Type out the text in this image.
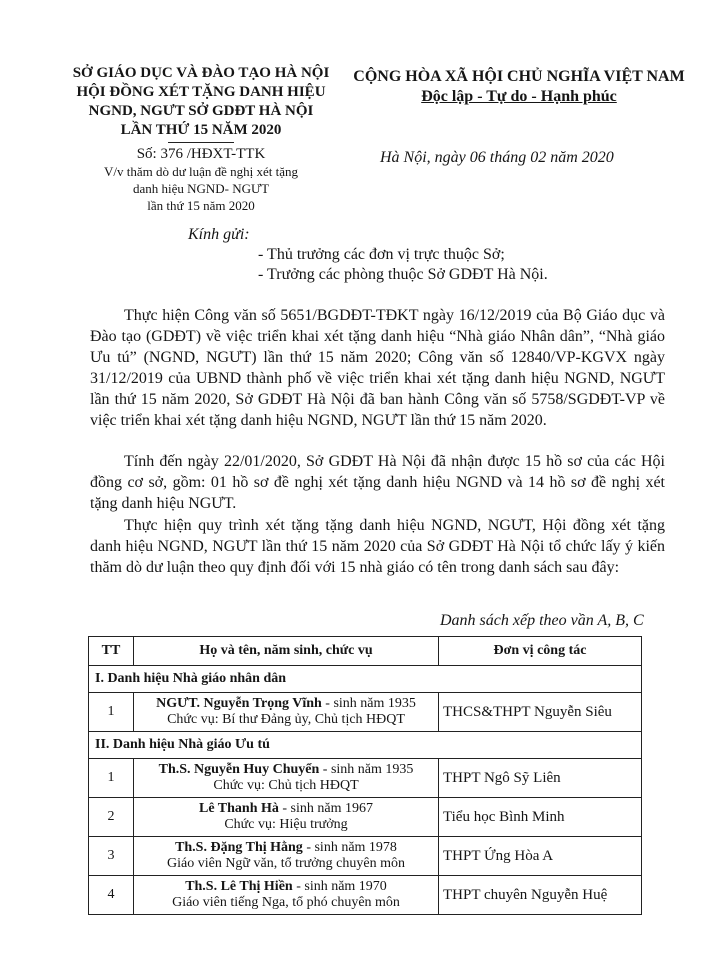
SỞ GIÁO DỤC VÀ ĐÀO TẠO HÀ NỘI
HỘI ĐỒNG XÉT TẶNG DANH HIỆU
NGND, NGƯT SỞ GDĐT HÀ NỘI
LẦN THỨ 15 NĂM 2020
CỘNG HÒA XÃ HỘI CHỦ NGHĨA VIỆT NAM
Độc lập - Tự do - Hạnh phúc
Số: 376 /HĐXT-TTK
V/v thăm dò dư luận đề nghị xét tặng
danh hiệu NGND- NGƯT
lần thứ 15 năm 2020
Hà Nội, ngày 06 tháng 02 năm 2020
Kính gửi:
- Thủ trưởng các đơn vị trực thuộc Sở;
- Trưởng các phòng thuộc Sở GDĐT Hà Nội.
Thực hiện Công văn số 5651/BGDĐT-TĐKT ngày 16/12/2019 của Bộ Giáo dục và Đào tạo (GDĐT) về việc triển khai xét tặng danh hiệu “Nhà giáo Nhân dân”, “Nhà giáo Ưu tú” (NGND, NGƯT) lần thứ 15 năm 2020; Công văn số 12840/VP-KGVX ngày 31/12/2019 của UBND thành phố về việc triển khai xét tặng danh hiệu NGND, NGƯT lần thứ 15 năm 2020, Sở GDĐT Hà Nội đã ban hành Công văn số 5758/SGDĐT-VP về việc triển khai xét tặng danh hiệu NGND, NGƯT lần thứ 15 năm 2020.
Tính đến ngày 22/01/2020, Sở GDĐT Hà Nội đã nhận được 15 hồ sơ của các Hội đồng cơ sở, gồm: 01 hồ sơ đề nghị xét tặng danh hiệu NGND và 14 hồ sơ đề nghị xét tặng danh hiệu NGƯT.
Thực hiện quy trình xét tặng tặng danh hiệu NGND, NGƯT, Hội đồng xét tặng danh hiệu NGND, NGƯT lần thứ 15 năm 2020 của Sở GDĐT Hà Nội tổ chức lấy ý kiến thăm dò dư luận theo quy định đối với 15 nhà giáo có tên trong danh sách sau đây:
Danh sách xếp theo vần A, B, C
TT	Họ và tên, năm sinh, chức vụ	Đơn vị công tác
I. Danh hiệu Nhà giáo nhân dân		
1	NGƯT. Nguyễn Trọng Vĩnh - sinh năm 1935
Chức vụ: Bí thư Đảng ủy, Chủ tịch HĐQT	THCS&THPT Nguyễn Siêu
II. Danh hiệu Nhà giáo Ưu tú		
1	Th.S. Nguyễn Huy Chuyển - sinh năm 1935
Chức vụ: Chủ tịch HĐQT	THPT Ngô Sỹ Liên
2	Lê Thanh Hà - sinh năm 1967
Chức vụ: Hiệu trưởng	Tiểu học Bình Minh
3	Th.S. Đặng Thị Hằng - sinh năm 1978
Giáo viên Ngữ văn, tổ trưởng chuyên môn	THPT Ứng Hòa A
4	Th.S. Lê Thị Hiền - sinh năm 1970
Giáo viên tiếng Nga, tổ phó chuyên môn	THPT chuyên Nguyễn Huệ
